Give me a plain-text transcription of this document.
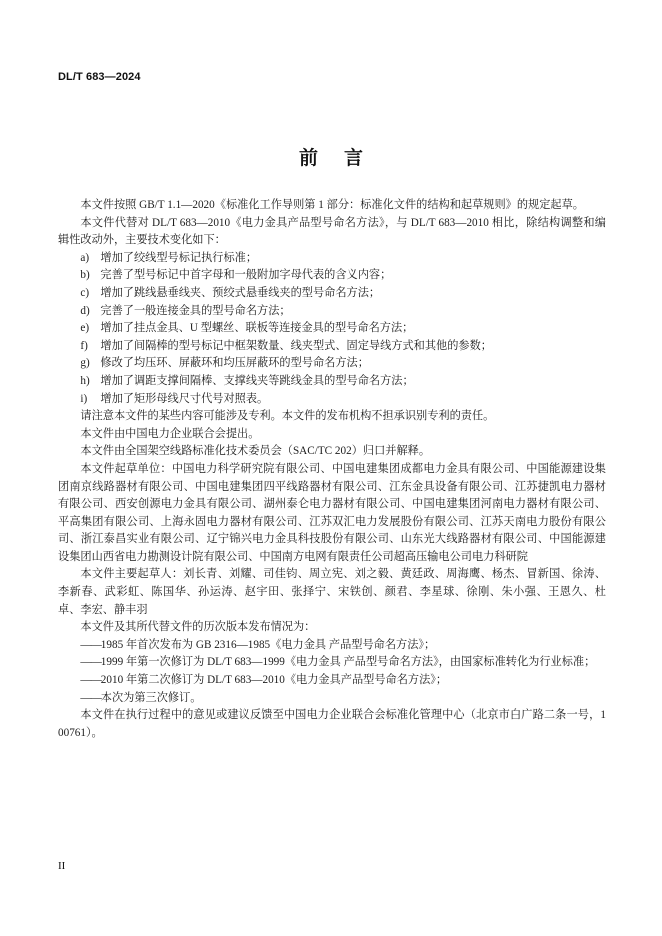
DL/T 683—2024
前言

本文件按照 GB/T 1.1—2020《标准化工作导则第 1 部分：标准化文件的结构和起草规则》的规定起草。

本文件代替对 DL/T 683—2010《电力金具产品型号命名方法》，与 DL/T 683—2010 相比，除结构调整和编辑性改动外，主要技术变化如下：

a) 增加了绞线型号标记执行标准；

b) 完善了型号标记中首字母和一般附加字母代表的含义内容；

c) 增加了跳线悬垂线夹、预绞式悬垂线夹的型号命名方法；

d) 完善了一般连接金具的型号命名方法；

e) 增加了挂点金具、U 型螺丝、联板等连接金具的型号命名方法；

f) 增加了间隔棒的型号标记中框架数量、线夹型式、固定导线方式和其他的参数；

g) 修改了均压环、屏蔽环和均压屏蔽环的型号命名方法；

h) 增加了调距支撑间隔棒、支撑线夹等跳线金具的型号命名方法；

i) 增加了矩形母线尺寸代号对照表。

请注意本文件的某些内容可能涉及专利。本文件的发布机构不担承识别专利的责任。

本文件由中国电力企业联合会提出。

本文件由全国架空线路标准化技术委员会（SAC/TC 202）归口并解释。

本文件起草单位：中国电力科学研究院有限公司、中国电建集团成都电力金具有限公司、中国能源建设集团南京线路器材有限公司、中国电建集团四平线路器材有限公司、江东金具设备有限公司、江苏捷凯电力器材有限公司、西安创源电力金具有限公司、湖州泰仑电力器材有限公司、中国电建集团河南电力器材有限公司、平高集团有限公司、上海永固电力器材有限公司、江苏双汇电力发展股份有限公司、江苏天南电力股份有限公司、浙江泰昌实业有限公司、辽宁锦兴电力金具科技股份有限公司、山东光大线路器材有限公司、中国能源建设集团山西省电力勘测设计院有限公司、中国南方电网有限责任公司超高压输电公司电力科研院

本文件主要起草人：刘长青、刘耀、司佳钧、周立宪、刘之毅、黄廷政、周海鹰、杨杰、冒新国、徐涛、李新春、武彩虹、陈国华、孙运涛、赵宇田、张择宁、宋铁创、颜君、李星球、徐刚、朱小强、王恩久、杜卓、李宏、静丰羽

本文件及其所代替文件的历次版本发布情况为：

——1985 年首次发布为 GB 2316—1985《电力金具 产品型号命名方法》；

——1999 年第一次修订为 DL/T 683—1999《电力金具 产品型号命名方法》，由国家标准转化为行业标准；

——2010 年第二次修订为 DL/T 683—2010《电力金具产品型号命名方法》；

——本次为第三次修订。

本文件在执行过程中的意见或建议反馈至中国电力企业联合会标准化管理中心（北京市白广路二条一号，100761）。

II
